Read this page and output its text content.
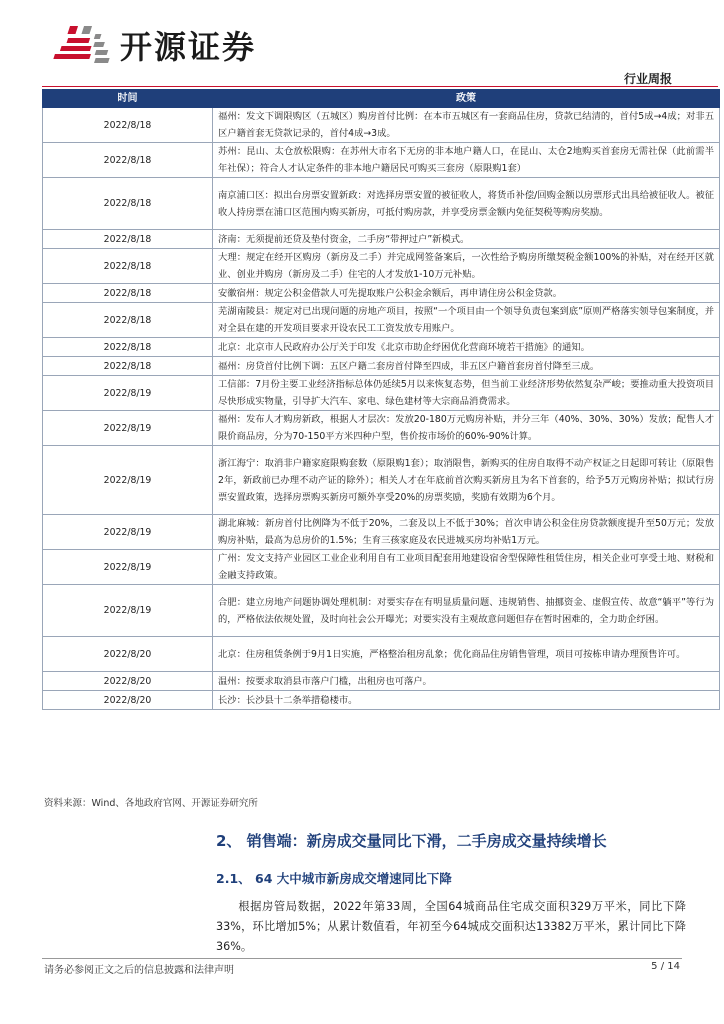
开源证券
行业周报
时间	政策
2022/8/18	福州：发文下调限购区（五城区）购房首付比例：在本市五城区有一套商品住房，贷款已结清的，首付5成→4成；对非五区户籍首套无贷款记录的，首付4成→3成。
2022/8/18	苏州：昆山、太仓放松限购：在苏州大市名下无房的非本地户籍人口，在昆山、太仓2地购买首套房无需社保（此前需半年社保）；符合人才认定条件的非本地户籍居民可购买三套房（原限购1套）
2022/8/18	南京浦口区：拟出台房票安置新政：对选择房票安置的被征收人，将货币补偿/回购金额以房票形式出具给被征收人。被征收人持房票在浦口区范围内购买新房，可抵付购房款，并享受房票金额内免征契税等购房奖励。
2022/8/18	济南：无须提前还贷及垫付资金，二手房“带押过户”新模式。
2022/8/18	大理：规定在经开区购房（新房及二手）并完成网签备案后，一次性给予购房所缴契税金额100%的补贴，对在经开区就业、创业并购房（新房及二手）住宅的人才发放1-10万元补贴。
2022/8/18	安徽宿州：规定公积金借款人可先提取账户公积金余额后，再申请住房公积金贷款。
2022/8/18	芜湖南陵县：规定对已出现问题的房地产项目，按照“一个项目由一个领导负责包案到底”原则严格落实领导包案制度，并对全县在建的开发项目要求开设农民工工资发放专用账户。
2022/8/18	北京：北京市人民政府办公厅关于印发《北京市助企纾困优化营商环境若干措施》的通知。
2022/8/18	福州：房贷首付比例下调：五区户籍二套房首付降至四成，非五区户籍首套房首付降至三成。
2022/8/19	工信部：7月份主要工业经济指标总体仍延续5月以来恢复态势，但当前工业经济形势依然复杂严峻；要推动重大投资项目尽快形成实物量，引导扩大汽车、家电、绿色建材等大宗商品消费需求。
2022/8/19	福州：发布人才购房新政，根据人才层次：发放20-180万元购房补贴，并分三年（40%、30%、30%）发放；配售人才限价商品房，分为70-150平方米四种户型，售价按市场价的60%-90%计算。
2022/8/19	浙江海宁：取消非户籍家庭限购套数（原限购1套）；取消限售，新购买的住房自取得不动产权证之日起即可转让（原限售2年，新政前已办理不动产证的除外）；相关人才在年底前首次购买新房且为名下首套的，给予5万元购房补贴；拟试行房票安置政策，选择房票购买新房可额外享受20%的房票奖励，奖励有效期为6个月。
2022/8/19	湖北麻城：新房首付比例降为不低于20%，二套及以上不低于30%；首次申请公积金住房贷款额度提升至50万元；发放购房补贴，最高为总房价的1.5%；生育三孩家庭及农民进城买房均补贴1万元。
2022/8/19	广州：发文支持产业园区工业企业利用自有工业项目配套用地建设宿舍型保障性租赁住房，相关企业可享受土地、财税和金融支持政策。
2022/8/19	合肥：建立房地产问题协调处理机制：对要实存在有明显质量问题、违规销售、抽挪资金、虚假宣传、故意“躺平”等行为的，严格依法依规处置，及时向社会公开曝光；对要实没有主观故意问题但存在暂时困难的，全力助企纾困。
2022/8/20	北京：住房租赁条例于9月1日实施，严格整治租房乱象；优化商品住房销售管理，项目可按栋申请办理预售许可。
2022/8/20	温州：按要求取消县市落户门槛，出租房也可落户。
2022/8/20	长沙：长沙县十二条举措稳楼市。
资料来源：Wind、各地政府官网、开源证券研究所
2、 销售端：新房成交量同比下滑，二手房成交量持续增长
2.1、 64 大中城市新房成交增速同比下降
根据房管局数据，2022年第33周，全国64城商品住宅成交面积329万平米，同比下降33%，环比增加5%；从累计数值看，年初至今64城成交面积达13382万平米，累计同比下降36%。
请务必参阅正文之后的信息披露和法律声明	5 / 14
